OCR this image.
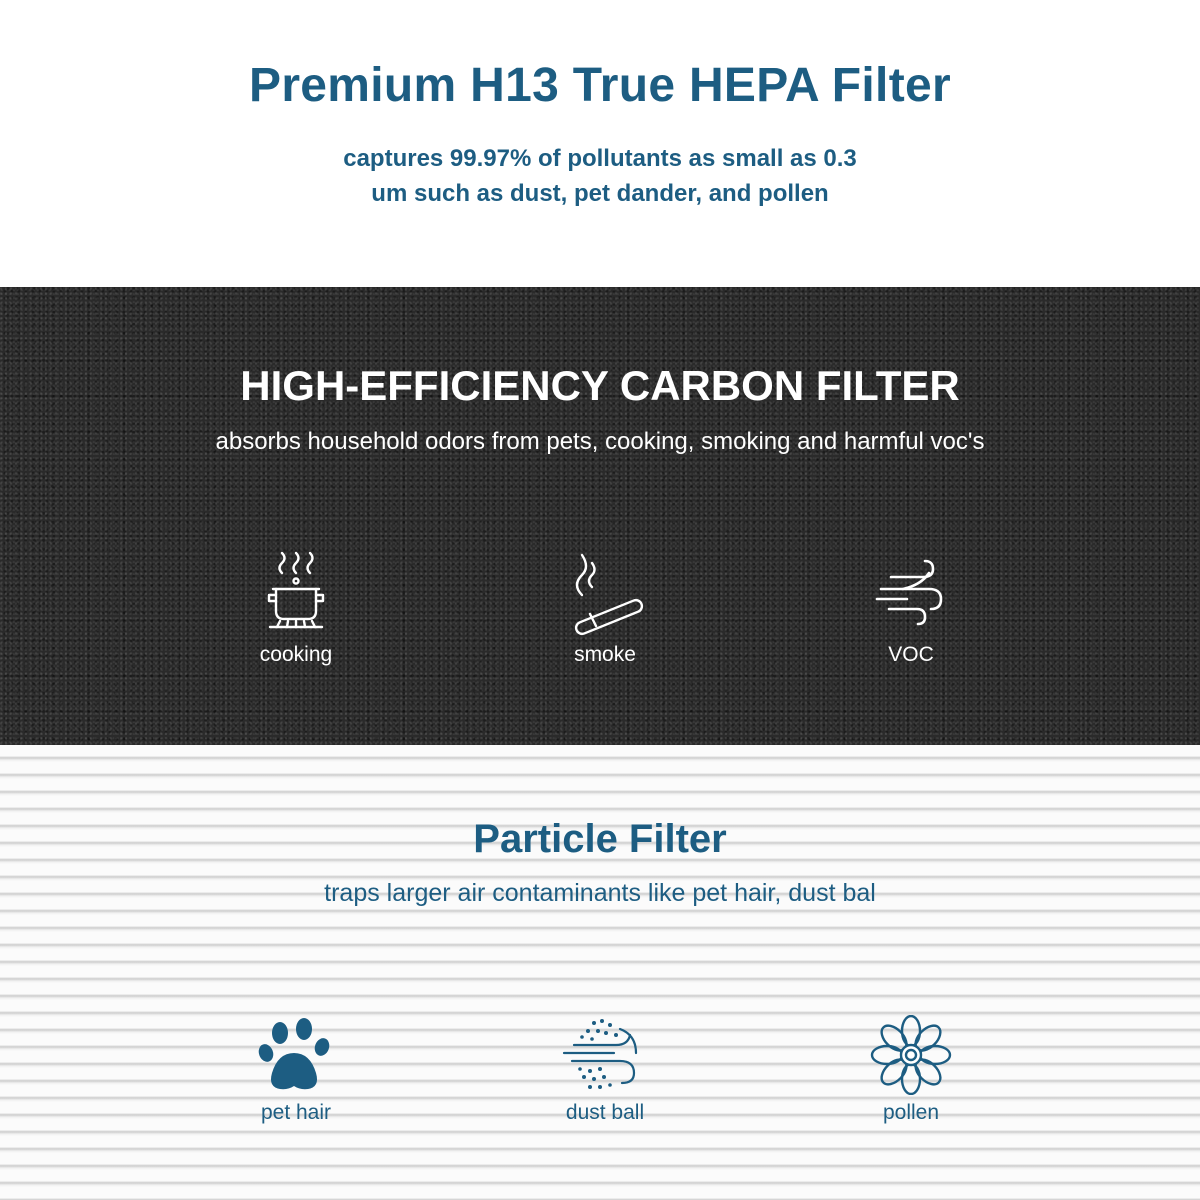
Premium H13 True HEPA Filter

captures 99.97% of pollutants as small as 0.3

um such as dust, pet dander, and pollen

HIGH-EFFICIENCY CARBON FILTER

absorbs household odors from pets, cooking, smoking and harmful voc's

cooking	smoke	VOC
Particle Filter

traps larger air contaminants like pet hair, dust bal

pet hair	dust ball	pollen
